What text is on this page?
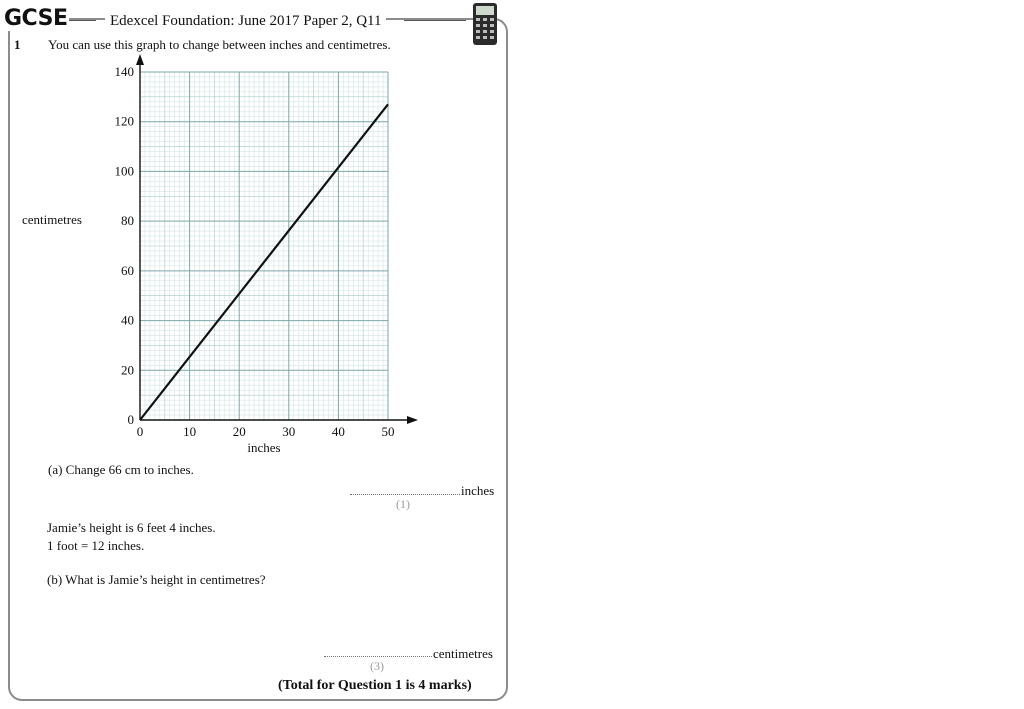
GCSE	Edexcel Foundation: June 2017 Paper 2, Q11
1 You can use this graph to change between inches and centimetres.
0	10	20	30	40	50
0
20
40
60
80
100
120
140
inches
centimetres
(a) Change 66 cm to inches.
inches
(1)
Jamie’s height is 6 feet 4 inches.
1 foot = 12 inches.
(b) What is Jamie’s height in centimetres?
centimetres
(3)
(Total for Question 1 is 4 marks)
